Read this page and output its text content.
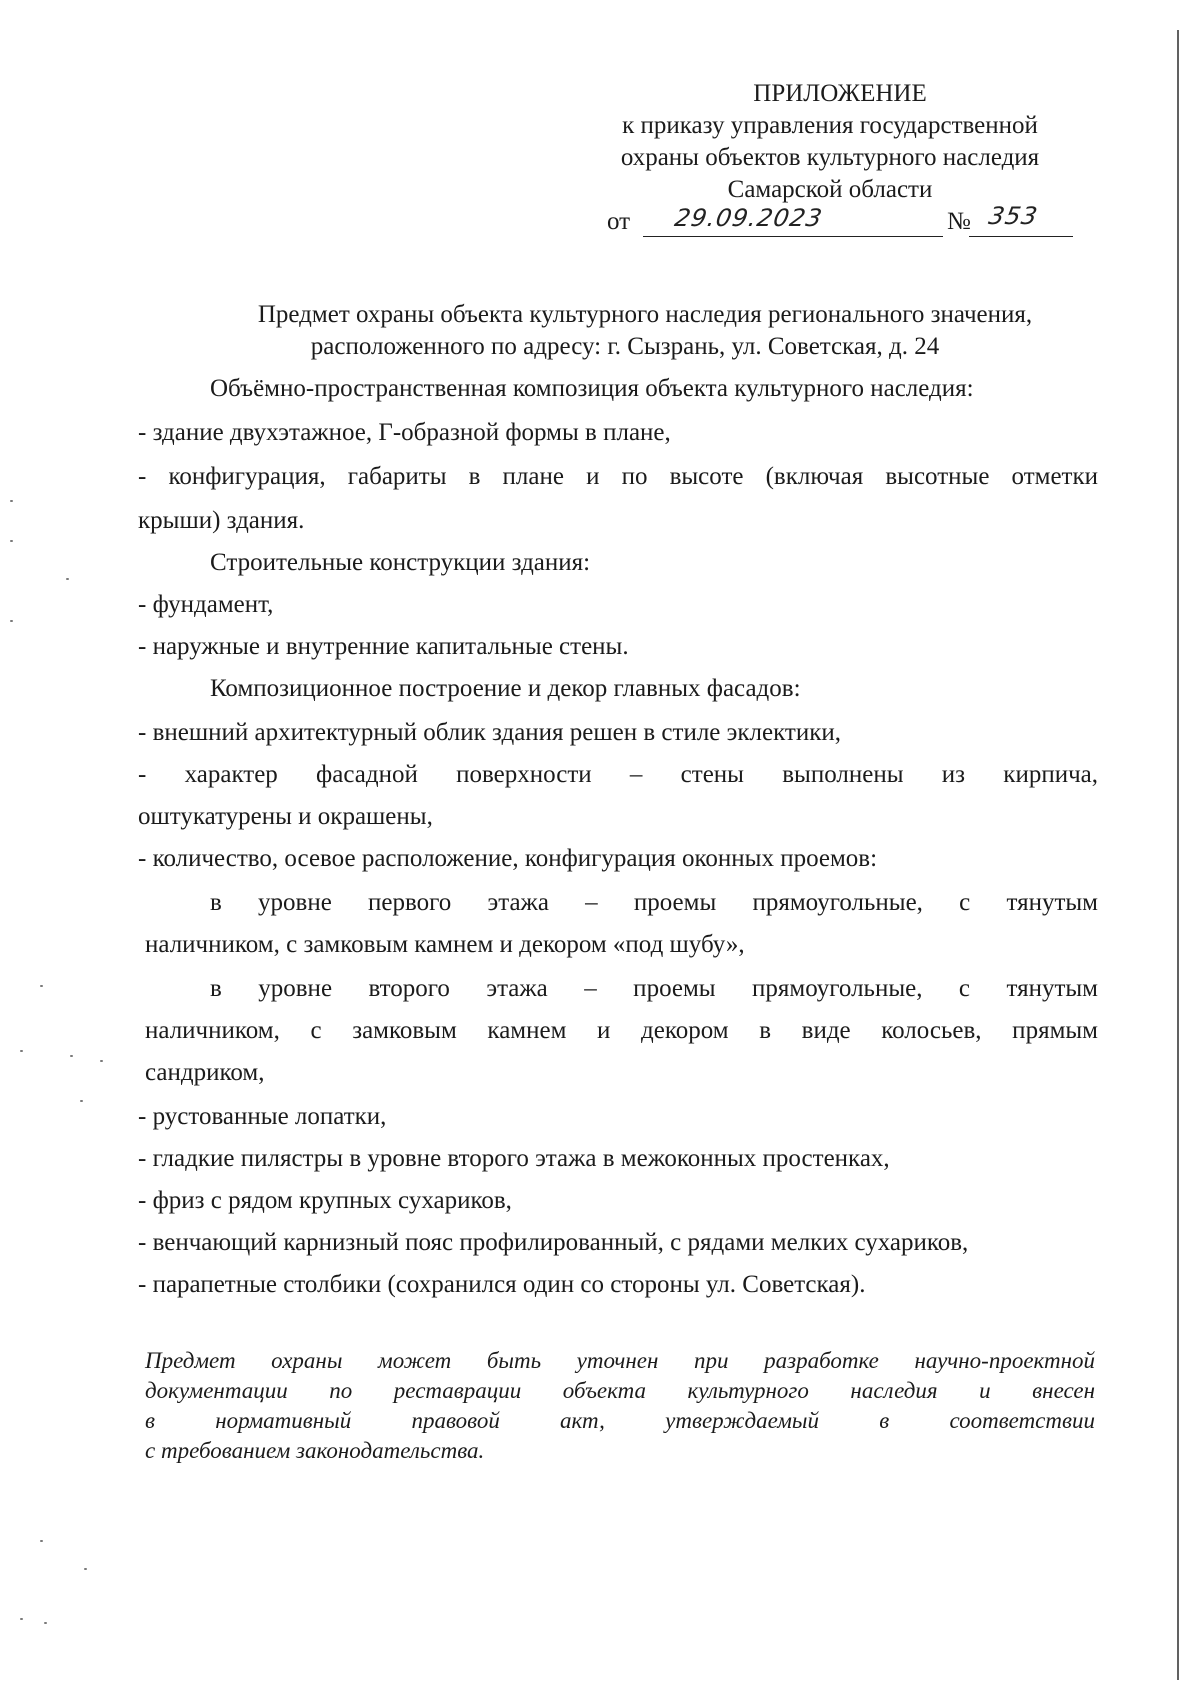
ПРИЛОЖЕНИЕ
к приказу управления государственной
охраны объектов культурного наследия
Самарской области
от 29.09.2023	№ 353
Предмет охраны объекта культурного наследия регионального значения,
расположенного по адресу: г. Сызрань, ул. Советская, д. 24
Объёмно-пространственная композиция объекта культурного наследия:
- здание двухэтажное, Г-образной формы в плане,
- конфигурация, габариты в плане и по высоте (включая высотные отметки
крыши) здания.
Строительные конструкции здания:
- фундамент,
- наружные и внутренние капитальные стены.
Композиционное построение и декор главных фасадов:
- внешний архитектурный облик здания решен в стиле эклектики,
- характер фасадной поверхности – стены выполнены из кирпича,
оштукатурены и окрашены,
- количество, осевое расположение, конфигурация оконных проемов:
в уровне первого этажа – проемы прямоугольные, с тянутым
наличником, с замковым камнем и декором «под шубу»,
в уровне второго этажа – проемы прямоугольные, с тянутым
наличником, с замковым камнем и декором в виде колосьев, прямым
сандриком,
- рустованные лопатки,
- гладкие пилястры в уровне второго этажа в межоконных простенках,
- фриз с рядом крупных сухариков,
- венчающий карнизный пояс профилированный, с рядами мелких сухариков,
- парапетные столбики (сохранился один со стороны ул. Советская).
Предмет охраны может быть уточнен при разработке научно-проектной
документации по реставрации объекта культурного наследия и внесен
в нормативный правовой акт, утверждаемый в соответствии
с требованием законодательства.
